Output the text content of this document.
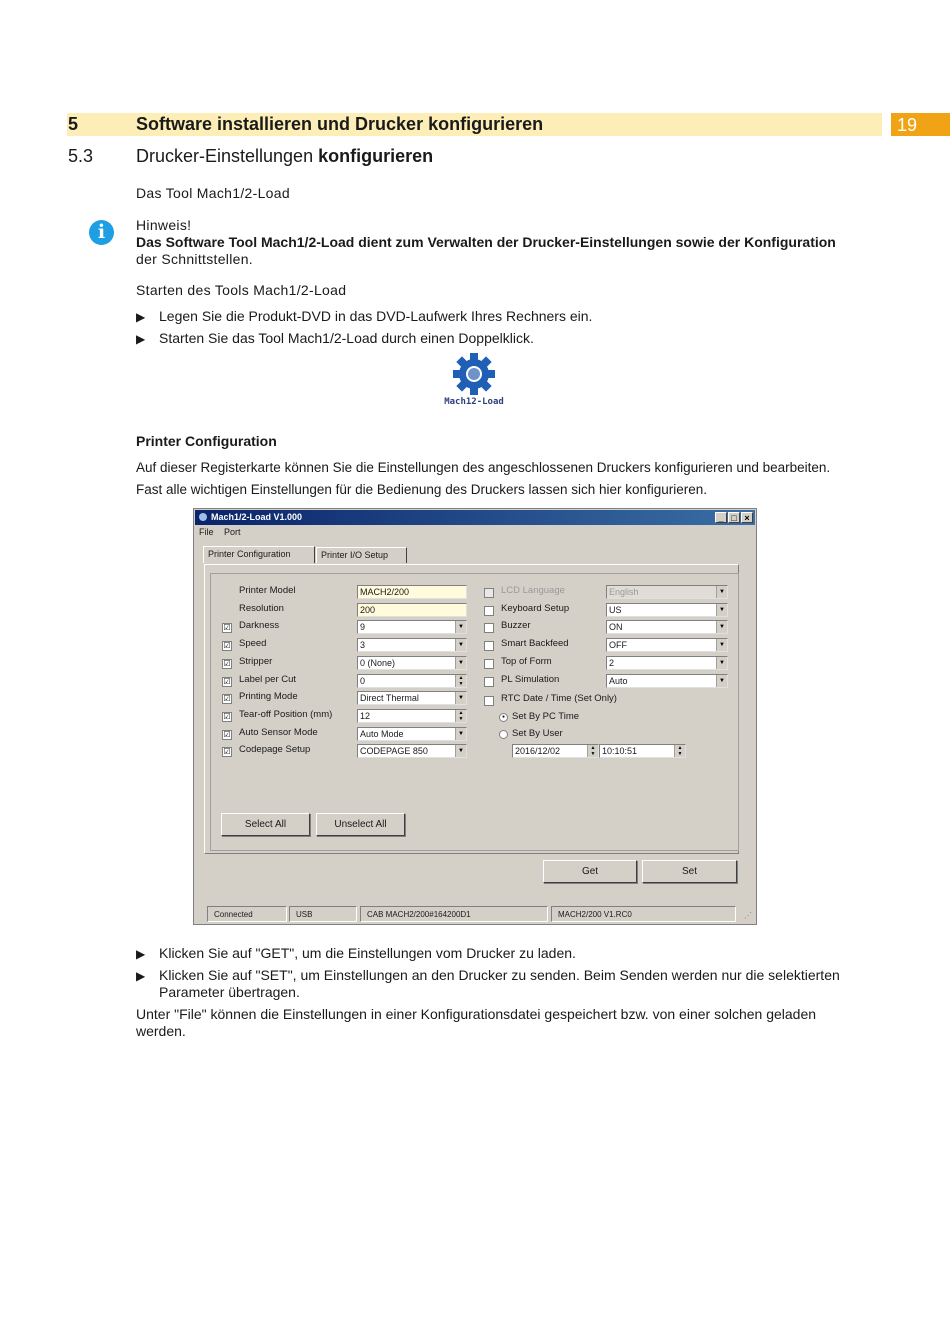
5	Software installieren und Drucker konfigurieren	19
5.3 Drucker-Einstellungen konfigurieren
Das Tool Mach1/2-Load
i	Hinweis!
Das Software Tool Mach1/2-Load dient zum Verwalten der Drucker-Einstellungen sowie der Konfiguration
der Schnittstellen.
Starten des Tools Mach1/2-Load
▶ Legen Sie die Produkt-DVD in das DVD-Laufwerk Ihres Rechners ein.
▶ Starten Sie das Tool Mach1/2-Load durch einen Doppelklick.
Mach12-Load
Printer Configuration
Auf dieser Registerkarte können Sie die Einstellungen des angeschlossenen Druckers konfigurieren und bearbeiten.
Fast alle wichtigen Einstellungen für die Bedienung des Druckers lassen sich hier konfigurieren.
Mach1/2-Load V1.000	_ □ ×
File Port
Printer Configuration	Printer I/O Setup
RTC Date / Time (Set Only)
● Set By PC Time
Set By User
2016/12/02	▲
▼ 10:10:51	▲
▼
Select All	Unselect All
Get	Set
Connected	USB	CAB MACH2/200#164200D1	MACH2/200 V1.RC0	⋰
Printer Model	MACH2/200
Resolution	200
☑ Darkness	9	▼
☑ Speed	3	▼
☑ Stripper	0 (None)	▼
☑ Label per Cut	0	▲
▼
☑ Printing Mode	Direct Thermal	▼
☑ Tear-off Position (mm)	12	▲
▼
☑ Auto Sensor Mode	Auto Mode	▼
☑ Codepage Setup	CODEPAGE 850	▼
LCD Language	English	▼
Keyboard Setup	US	▼
Buzzer	ON	▼
Smart Backfeed	OFF	▼
Top of Form	2	▼
PL Simulation	Auto	▼
▶ Klicken Sie auf "GET", um die Einstellungen vom Drucker zu laden.
▶ Klicken Sie auf "SET", um Einstellungen an den Drucker zu senden. Beim Senden werden nur die selektierten Parameter übertragen.
Unter "File" können die Einstellungen in einer Konfigurationsdatei gespeichert bzw. von einer solchen geladen werden.
